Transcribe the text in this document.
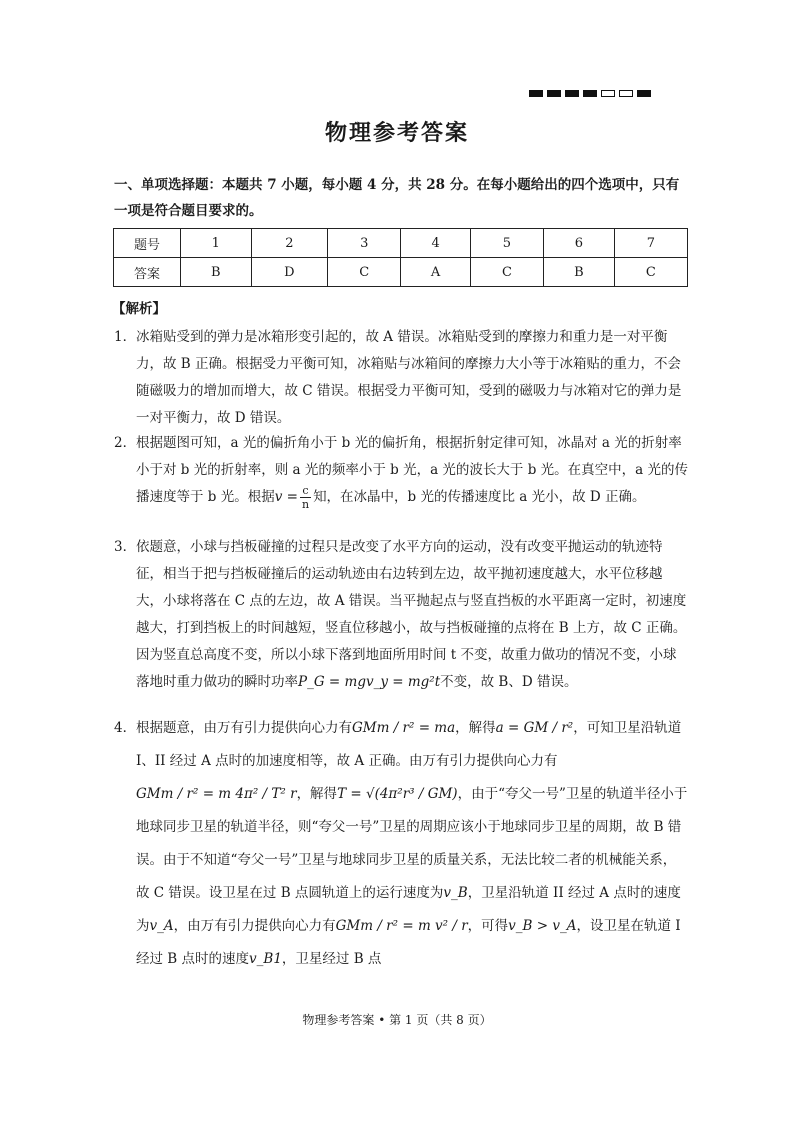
物理参考答案
一、单项选择题：本题共 7 小题，每小题 4 分，共 28 分。在每小题给出的四个选项中，只有一项是符合题目要求的。
题号	1	2	3	4	5	6	7
答案	B	D	C	A	C	B	C
【解析】
1． 冰箱贴受到的弹力是冰箱形变引起的，故 A 错误。冰箱贴受到的摩擦力和重力是一对平衡力，故 B 正确。根据受力平衡可知，冰箱贴与冰箱间的摩擦力大小等于冰箱贴的重力，不会随磁吸力的增加而增大，故 C 错误。根据受力平衡可知，受到的磁吸力与冰箱对它的弹力是一对平衡力，故 D 错误。
2． 根据题图可知，a 光的偏折角小于 b 光的偏折角，根据折射定律可知，冰晶对 a 光的折射率小于对 b 光的折射率，则 a 光的频率小于 b 光，a 光的波长大于 b 光。在真空中，a 光的传播速度等于 b 光。根据$v = \frac{c}{n}$ 知，在冰晶中，b 光的传播速度比 a 光小，故 D 正确。
3． 依题意，小球与挡板碰撞的过程只是改变了水平方向的运动，没有改变平抛运动的轨迹特征，相当于把与挡板碰撞后的运动轨迹由右边转到左边，故平抛初速度越大，水平位移越大，小球将落在 C 点的左边，故 A 错误。当平抛起点与竖直挡板的水平距离一定时，初速度越大，打到挡板上的时间越短，竖直位移越小，故与挡板碰撞的点将在 B 上方，故 C 正确。因为竖直总高度不变，所以小球下落到地面所用时间 t 不变，故重力做功的情况不变，小球落地时重力做功的瞬时功率P_G = mgv_y = mg²t不变，故 B、D 错误。
4． 根据题意，由万有引力提供向心力有GMm / r² = ma，解得a = GM / r²，可知卫星沿轨道 I、II 经过 A 点时的加速度相等，故 A 正确。由万有引力提供向心力有GMm / r² = m 4π² / T² r，解得T = √(4π²r³ / GM)，由于“夸父一号”卫星的轨道半径小于地球同步卫星的轨道半径，则“夸父一号”卫星的周期应该小于地球同步卫星的周期，故 B 错误。由于不知道“夸父一号”卫星与地球同步卫星的质量关系，无法比较二者的机械能关系，故 C 错误。设卫星在过 B 点圆轨道上的运行速度为v_B，卫星沿轨道 II 经过 A 点时的速度为v_A，由万有引力提供向心力有GMm / r² = m v² / r，可得v_B > v_A，设卫星在轨道 I 经过 B 点时的速度v_B1，卫星经过 B 点
物理参考答案 • 第 1 页（共 8 页）
